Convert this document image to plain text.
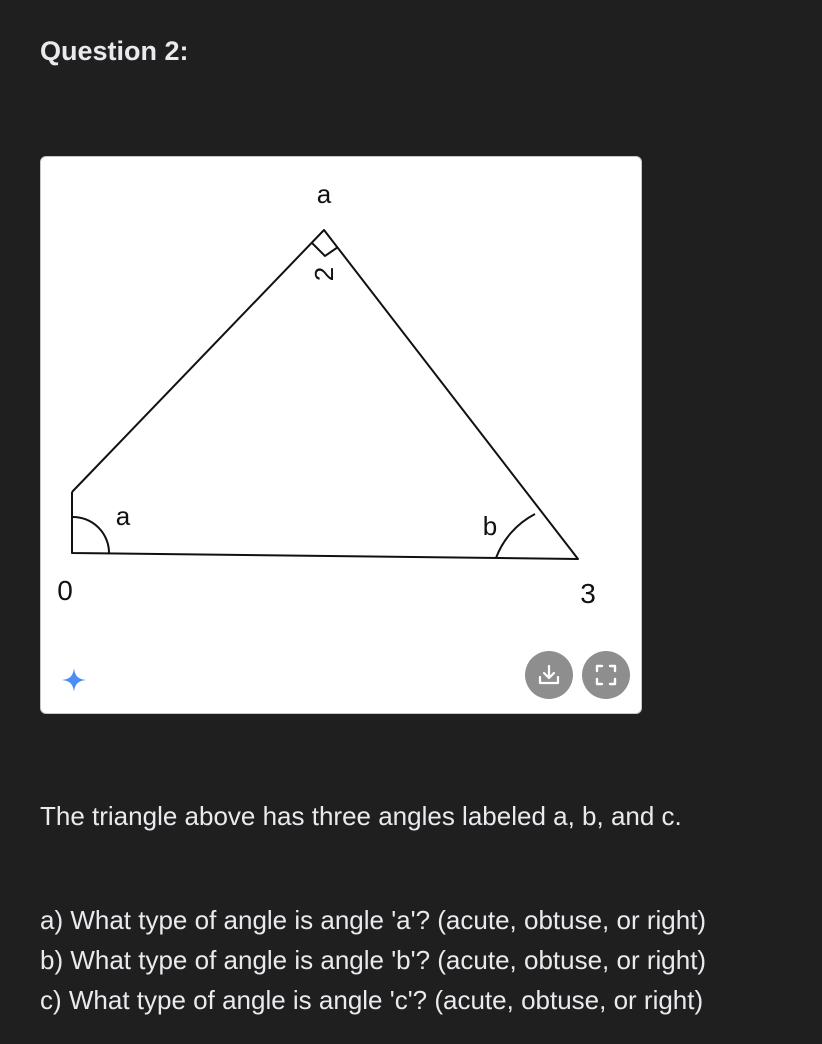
Question 2:
a
2
a
0
b
3

The triangle above has three angles labeled a, b, and c.

a) What type of angle is angle 'a'? (acute, obtuse, or right)
b) What type of angle is angle 'b'? (acute, obtuse, or right)
c) What type of angle is angle 'c'? (acute, obtuse, or right)
